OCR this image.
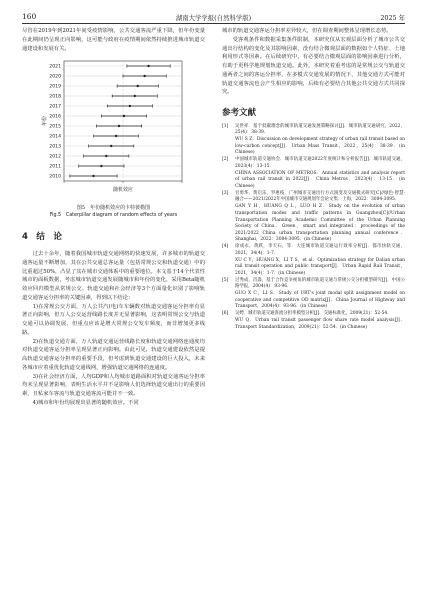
160	湖南大学学报(自然科学版)	2025 年

尽管在2019年到2021年间受疫情影响，公共交通客流严重下降，但年份变量在此期间仍呈现正向影响，这可能与政府在疫情期间依然持续推进城市轨道交通建设和发展有关。

2021
2020
2019
2018
2017
2016
2015
2014
2013
2012
2011
2010
年份
随机效应
图5　年份随机效应的卡特彼勒图
Fig.5　Caterpillar diagram of random effects of years
4　结　论

过去十余年，随着我国城市轨道交通网络的快速发展，许多城市的轨道交通客运量不断增加，其在公共交通总客运量（包括常规公交和轨道交通）中的比重超过50%，凸显了其在城市交通体系中的重要地位。本文基于14个代表性城市的面板数据，考虑城市轨道交通发展随城市和年份的变化，采用Beta随机效应回归模型从常规公交、轨道交通和社会经济等3个方面量化识别了影响轨道交通客运分担率的关键因素，得到以下结论：

1)在常规公交方面，万人公共汽(电)车车辆数对轨道交通客运分担率有显著正向影响，但万人公交运营线路长度并无显著影响，这表明常规公交与轨道交通可以协调发展，但重点应该是增大常规公交发车频度，而非增加更多线路。

2)在轨道交通方面，万人轨道交通运营线路长度和轨道交通网络连通度均对轨道交通客运分担率呈现显著正向影响。由此可见，轨道交通建设依然是提高轨道交通客运分担率的重要手段，但考虑到轨道交通建设的巨大投入，未来各城市应着重优化轨道交通线网，增强轨道交通网络的连通度。

3)在社会经济方面，人均GDP和人均城市道路面积对轨道交通客运分担率均未呈现显著影响，表明生活水平并不是影响人们选择轨道交通出行的重要因素，且私家车客流与轨道交通客流可能并不一致。

4)城市和年份均展现出显著的随机效应。不同

城市的轨道交通客运分担率差异较大，但在调查期间整体呈现增长态势。

受客观条件和数据采集条件限制，本研究仅从宏观层面分析了城市公共交通出行结构的变化及其影响因素，没有结合微观层面的数据如个人特征、土地利用形式等因素。在后续研究中，有必要结合微观层面的影响因素进行分析，有助于更科学地规划轨道交通。此外，本研究着重考虑的是常规公交与轨道交通两者之间的客运分担率，在多模式交通发展的情况下，其他交通方式可能对轨道交通客流也会产生相应的影响，后续有必要结合其他公共交通方式共同探究。

参考文献
[1]	吴世祥．基于低碳理念的城市轨道交通发展策略探讨[J]．城市轨道交通研究，2022，25(4)：38-39．
WU S Z．Discussion on development strategy of urban rail transit based on low-carbon concept[J]．Urban Mass Transit，2022，25(4)：38-39．(in Chinese)
[2]	中国城市轨道交通协会．城市轨道交通2022年度统计和分析报告[J]．城市轨道交通，2023(4)：13-15．
CHINA ASSOCIATION OF METROS．Annual statistics and analysis report of urban rail transit in 2022[J]．China Metros，2023(4)：13-15．(in Chinese)
[3]	甘勇华，黄启乐，罗惠枝．广州城市交通出行方式演变及交通模式研究[C]//绿色·智慧·融合——2021/2022年中国城市交通规划年会论文集．上海，2022：3084-3095．
GAN Y H，HUANG Q L，LUO H Z．Study on the evolution of urban transportation modes and traffic patterns in Guangzhou[C]//Urban Transportation Planning Academic Committee of the Urban Planning Society of China．Green，smart and integrated：proceedings of the 2021/2022 China urban transportation planning annual conference．Shanghai，2022：3084-3095．(in Chinese)
[4]	徐成永，黄跃，李天石，等．大连城市轨道交通运行效率分析[J]．都市快轨交通，2021，34(4)：1-7．
XU C Y，HUANG X，LI T S，et al．Optimization strategy for Dalian urban rail transit operation and public transport[J]．Urban Rapid Rail Transit，2021，34(4)：1-7．(in Chinese)
[5]	过秀成，肖淼，基于合作竞争视角的城市轨道交通与常规公交分担模型研究[J]．中国公路学报，2004(4)：93-96．
GUO X C，LI S．Study of URT's joint modal split assignment model on cooperative and competitive OD matrix[J]．China Journal of Highway and Transport，2004(4)：93-96．(in Chinese)
[6]	吴娉．城市轨道交通客流分担率模型分析[J]．交通标准化，2009(21)：52-54．
WU Q．Urban rail transit passenger flow share rate model analysis[J]．Transport Standardization，2009(21)：52-54．(in Chinese)
